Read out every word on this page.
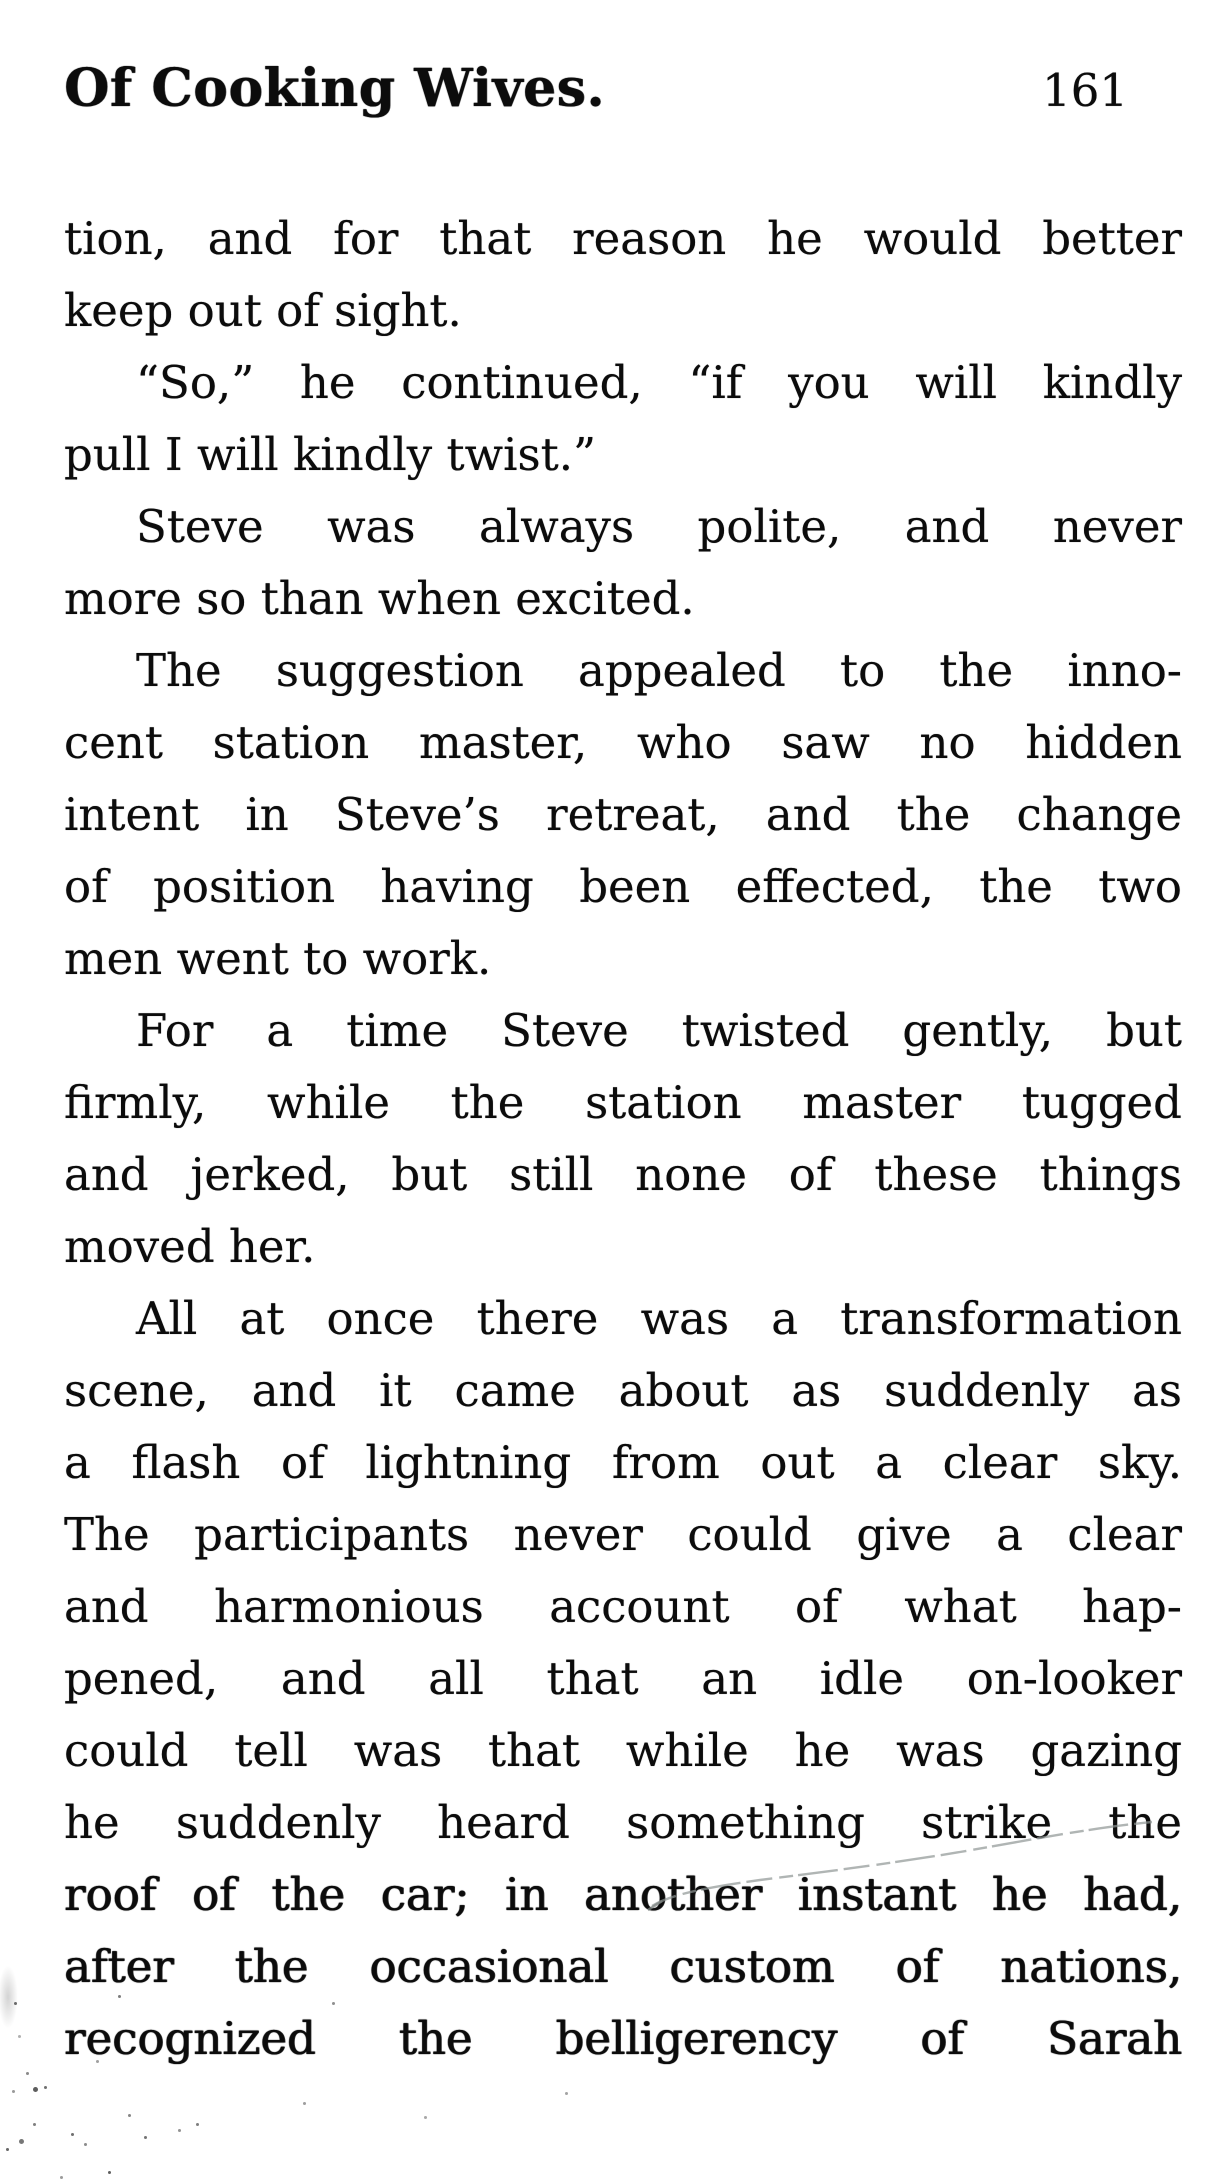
Of Cooking Wives.	161
tion, and for that reason he would better
keep out of sight.
“So,” he continued, “if you will kindly
pull I will kindly twist.”
Steve was always polite, and never
more so than when excited.
The suggestion appealed to the inno-
cent station master, who saw no hidden
intent in Steve’s retreat, and the change
of position having been effected, the two
men went to work.
For a time Steve twisted gently, but
firmly, while the station master tugged
and jerked, but still none of these things
moved her.
All at once there was a transformation
scene, and it came about as suddenly as
a flash of lightning from out a clear sky.
The participants never could give a clear
and harmonious account of what hap-
pened, and all that an idle on-looker
could tell was that while he was gazing
he suddenly heard something strike the
roof of the car; in another instant he had,
after the occasional custom of nations,
recognized the belligerency of Sarah
